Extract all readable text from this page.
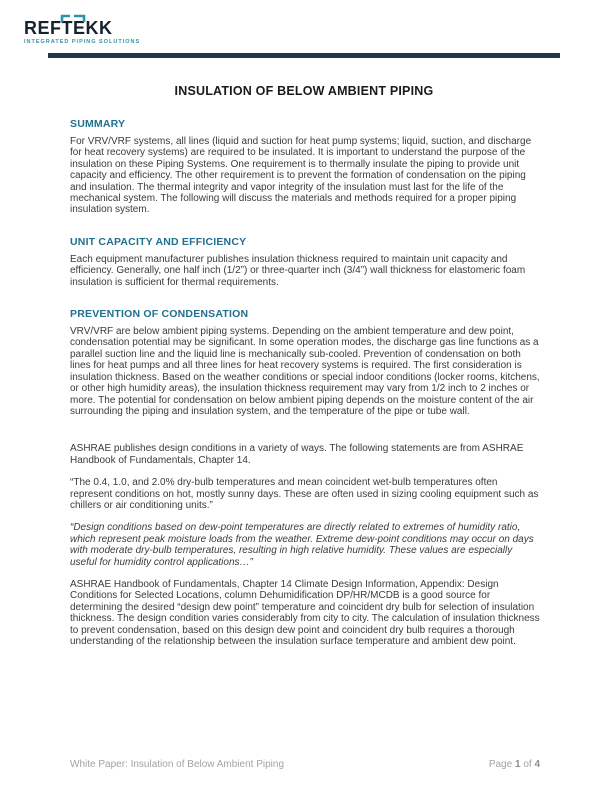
REFTEKK
INTEGRATED PIPING SOLUTIONS
INSULATION OF BELOW AMBIENT PIPING
SUMMARY

For VRV/VRF systems, all lines (liquid and suction for heat pump systems; liquid, suction, and discharge for heat recovery systems) are required to be insulated. It is important to understand the purpose of the insulation on these Piping Systems. One requirement is to thermally insulate the piping to provide unit capacity and efficiency. The other requirement is to prevent the formation of condensation on the piping and insulation. The thermal integrity and vapor integrity of the insulation must last for the life of the mechanical system. The following will discuss the materials and methods required for a proper piping insulation system.

UNIT CAPACITY AND EFFICIENCY

Each equipment manufacturer publishes insulation thickness required to maintain unit capacity and efficiency. Generally, one half inch (1/2”) or three-quarter inch (3/4”) wall thickness for elastomeric foam insulation is sufficient for thermal requirements.

PREVENTION OF CONDENSATION

VRV/VRF are below ambient piping systems. Depending on the ambient temperature and dew point, condensation potential may be significant. In some operation modes, the discharge gas line functions as a parallel suction line and the liquid line is mechanically sub-cooled. Prevention of condensation on both lines for heat pumps and all three lines for heat recovery systems is required. The first consideration is insulation thickness. Based on the weather conditions or special indoor conditions (locker rooms, kitchens, or other high humidity areas), the insulation thickness requirement may vary from 1/2 inch to 2 inches or more. The potential for condensation on below ambient piping depends on the moisture content of the air surrounding the piping and insulation system, and the temperature of the pipe or tube wall.

ASHRAE publishes design conditions in a variety of ways. The following statements are from ASHRAE Handbook of Fundamentals, Chapter 14.

“The 0.4, 1.0, and 2.0% dry-bulb temperatures and mean coincident wet-bulb temperatures often represent conditions on hot, mostly sunny days. These are often used in sizing cooling equipment such as chillers or air conditioning units.”

“Design conditions based on dew-point temperatures are directly related to extremes of humidity ratio, which represent peak moisture loads from the weather. Extreme dew-point conditions may occur on days with moderate dry-bulb temperatures, resulting in high relative humidity. These values are especially useful for humidity control applications…”

ASHRAE Handbook of Fundamentals, Chapter 14 Climate Design Information, Appendix: Design Conditions for Selected Locations, column Dehumidification DP/HR/MCDB is a good source for determining the desired “design dew point” temperature and coincident dry bulb for selection of insulation thickness. The design condition varies considerably from city to city. The calculation of insulation thickness to prevent condensation, based on this design dew point and coincident dry bulb requires a thorough understanding of the relationship between the insulation surface temperature and ambient dew point.

White Paper: Insulation of Below Ambient Piping	Page 1 of 4
